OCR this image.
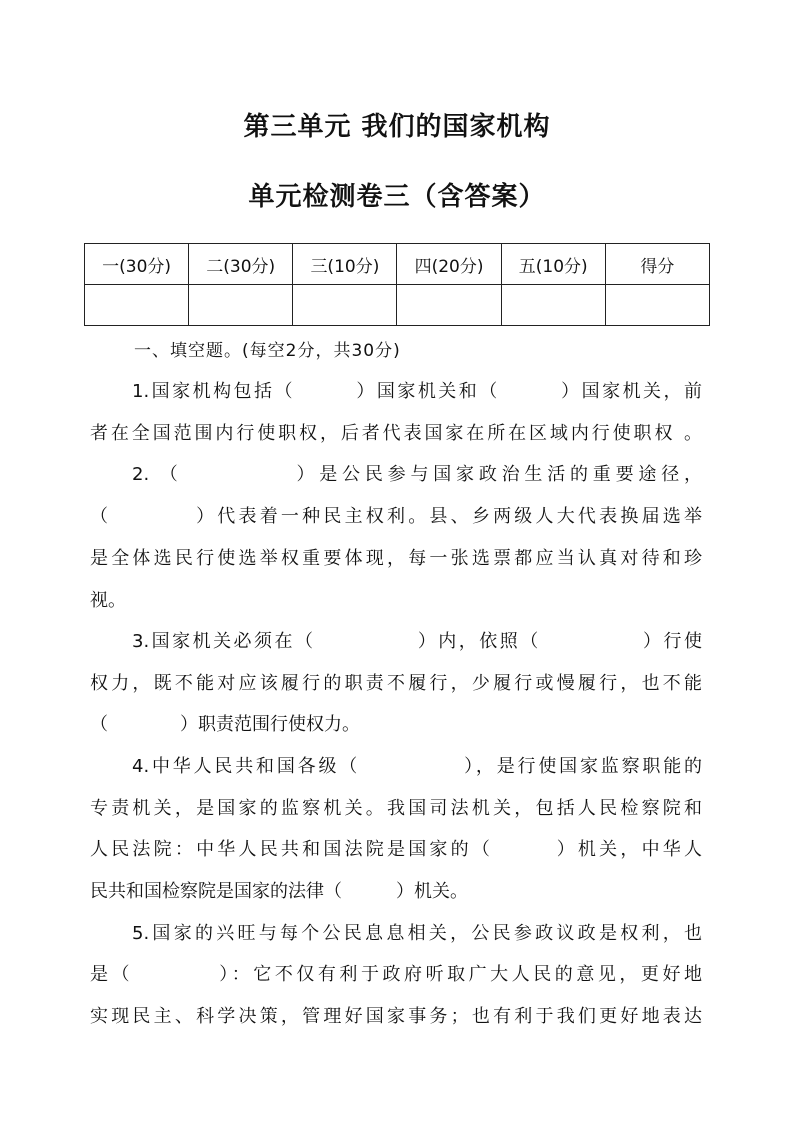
第三单元 我们的国家机构
单元检测卷三（含答案）
一(30分)	二(30分)	三(10分)	四(20分)	五(10分)	得分

一、填空题。(每空2分，共30分)

1.国家机构包括（　　　）国家机关和（　　　）国家机关，前

者在全国范围内行使职权，后者代表国家在所在区域内行使职权 。

2. （　　　　　）是公民参与国家政治生活的重要途径，

（　　　　）代表着一种民主权利。县、乡两级人大代表换届选举

是全体选民行使选举权重要体现，每一张选票都应当认真对待和珍

视。

3.国家机关必须在（　　　　　）内，依照（　　　　　）行使

权力，既不能对应该履行的职责不履行，少履行或慢履行，也不能

（　　　　）职责范围行使权力。

4.中华人民共和国各级（　　　　　），是行使国家监察职能的

专责机关，是国家的监察机关。我国司法机关，包括人民检察院和

人民法院：中华人民共和国法院是国家的（　　　）机关，中华人

民共和国检察院是国家的法律（　　　）机关。

5.国家的兴旺与每个公民息息相关，公民参政议政是权利，也

是（　　　　）：它不仅有利于政府听取广大人民的意见，更好地

实现民主、科学决策，管理好国家事务；也有利于我们更好地表达
